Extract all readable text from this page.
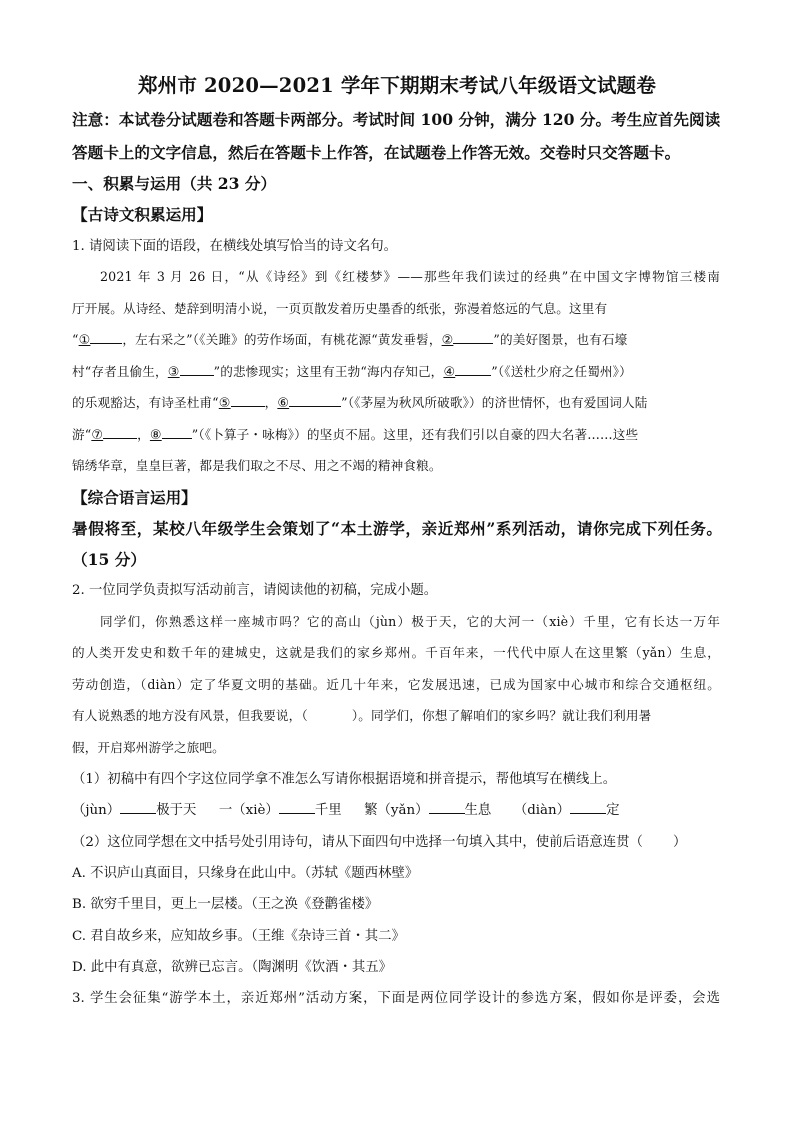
郑州市 2020—2021 学年下期期末考试八年级语文试题卷
注意：本试卷分试题卷和答题卡两部分。考试时间 100 分钟，满分 120 分。考生应首先阅读
答题卡上的文字信息，然后在答题卡上作答，在试题卷上作答无效。交卷时只交答题卡。
一、积累与运用（共 23 分）
【古诗文积累运用】
1. 请阅读下面的语段，在横线处填写恰当的诗文名句。
2021 年 3 月 26 日，“从《诗经》到《红楼梦》——那些年我们读过的经典”在中国文字博物馆三楼南
厅开展。从诗经、楚辞到明清小说，一页页散发着历史墨香的纸张，弥漫着悠远的气息。这里有
“①	，左右采之”（《关雎》的劳作场面，有桃花源“黄发垂髫，②	”的美好图景，也有石壕
村“存者且偷生，③	”的悲惨现实；这里有王勃“海内存知己，④	”（《送杜少府之任蜀州》）
的乐观豁达，有诗圣杜甫“⑤	，⑥	”（《茅屋为秋风所破歌》）的济世情怀，也有爱国词人陆
游“⑦	，⑧ ”（《卜算子・咏梅》）的坚贞不屈。这里，还有我们引以自豪的四大名著……这些
锦绣华章，皇皇巨著，都是我们取之不尽、用之不竭的精神食粮。
【综合语言运用】
暑假将至，某校八年级学生会策划了“本土游学，亲近郑州”系列活动，请你完成下列任务。
（15 分）
2. 一位同学负责拟写活动前言，请阅读他的初稿，完成小题。
同学们，你熟悉这样一座城市吗？它的高山（jùn）极于天，它的大河一（xiè）千里，它有长达一万年
的人类开发史和数千年的建城史，这就是我们的家乡郑州。千百年来，一代代中原人在这里繁（yǎn）生息，
劳动创造，（diàn）定了华夏文明的基础。近几十年来，它发展迅速，已成为国家中心城市和综合交通枢纽。
有人说熟悉的地方没有风景，但我要说，（	）。同学们，你想了解咱们的家乡吗？就让我们利用暑
假，开启郑州游学之旅吧。
（1）初稿中有四个字这位同学拿不准怎么写请你根据语境和拼音提示，帮他填写在横线上。
（jùn）	极于天 一（xiè）	千里 繁（yǎn）	生息 （diàn）	定
（2）这位同学想在文中括号处引用诗句，请从下面四句中选择一句填入其中，使前后语意连贯（ ）
A. 不识庐山真面目，只缘身在此山中。（苏轼《题西林壁》
B. 欲穷千里目，更上一层楼。（王之涣《登鹳雀楼》
C. 君自故乡来，应知故乡事。（王维《杂诗三首・其二》
D. 此中有真意，欲辨已忘言。（陶渊明《饮酒・其五》
3. 学生会征集“游学本土，亲近郑州”活动方案，下面是两位同学设计的参选方案，假如你是评委，会选
